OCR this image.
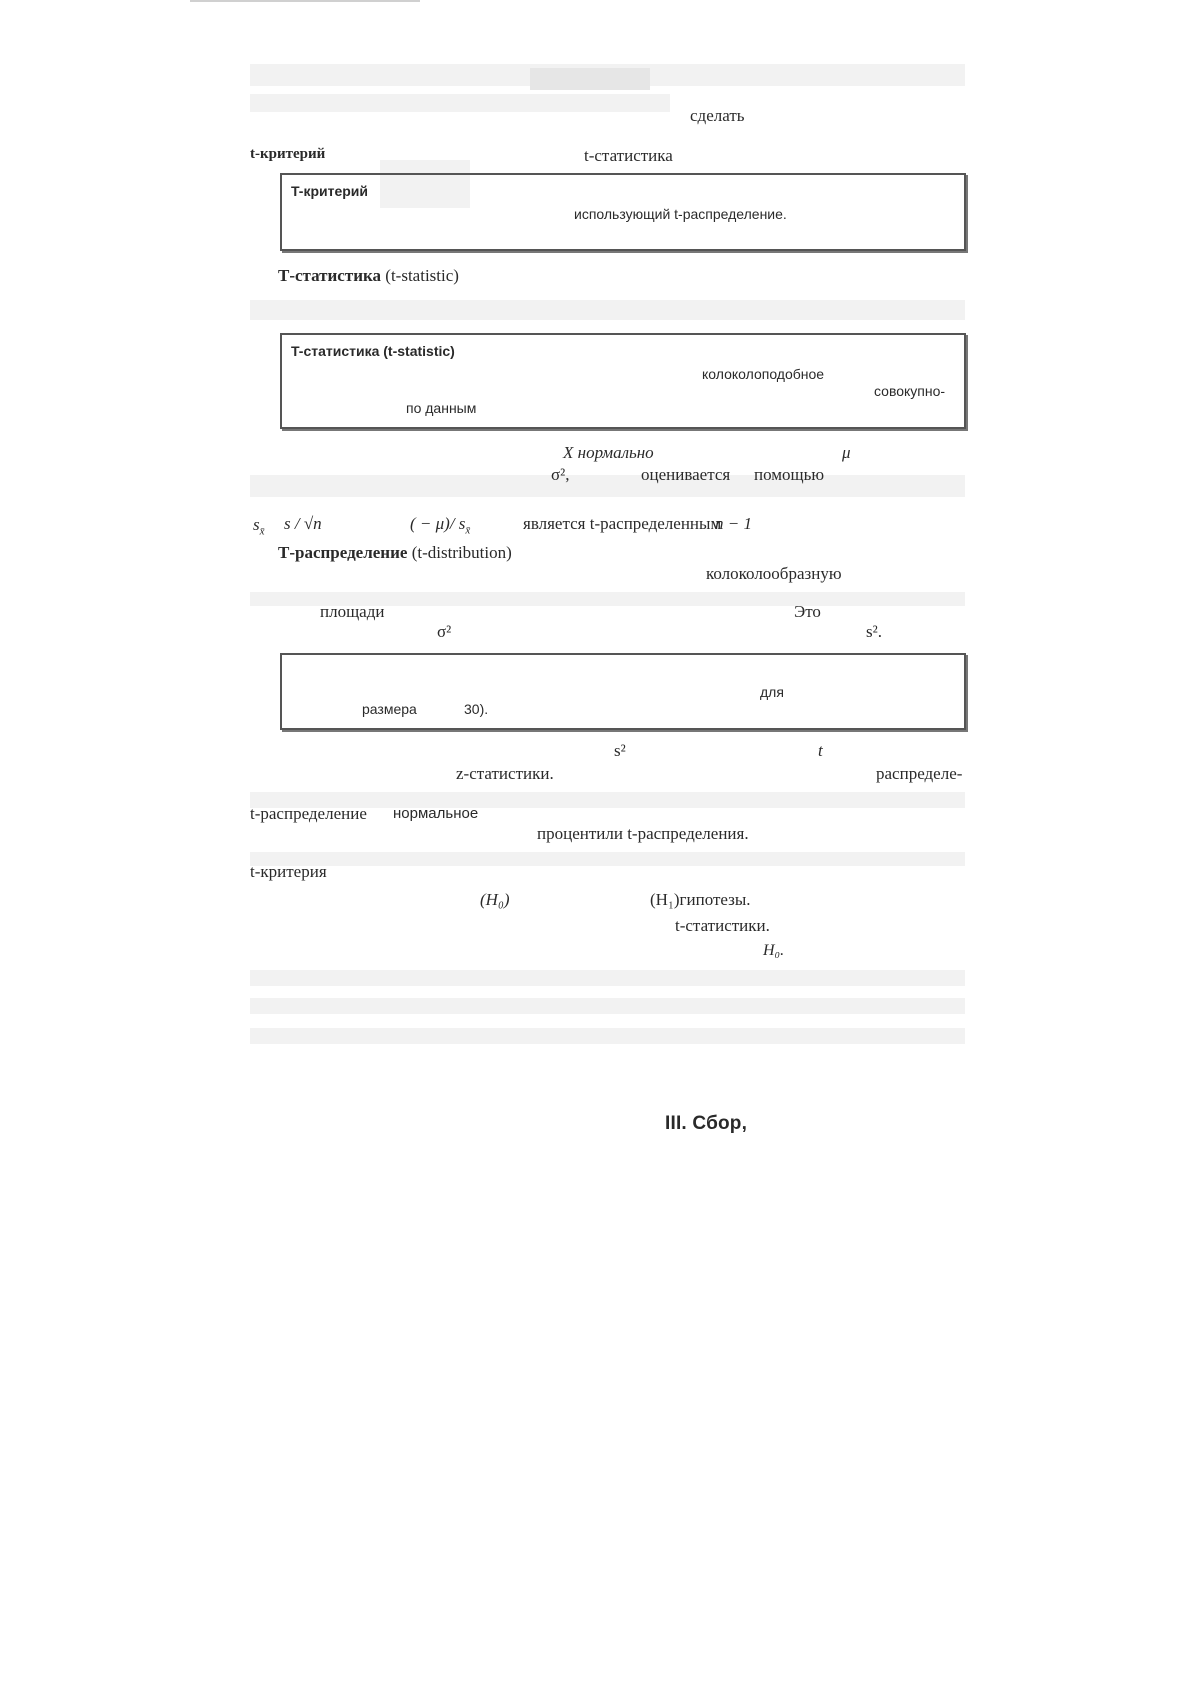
сделать
t-критерий	t-статистика
T-критерий
использующий t-распределение.
Т-статистика (t-statistic)
T-статистика (t-statistic)
колоколоподобное
совокупно-
по данным
X нормально	μ
σ²,	оценивается помощью
$s_{x̄}$ s / √n	( − μ)/ $s_{x̄}$	является t-распределенным
n − 1
Т-распределение (t-distribution)
колоколообразную
площади	Это
σ²	s².
для
размера	30).
s²	t
z-статистики.	распределе-
t-распределение нормальное
процентили t-распределения.
t-критерия
(H₀)	(H₁)гипотезы.
t-статистики.
H₀.
III. Сбор,
